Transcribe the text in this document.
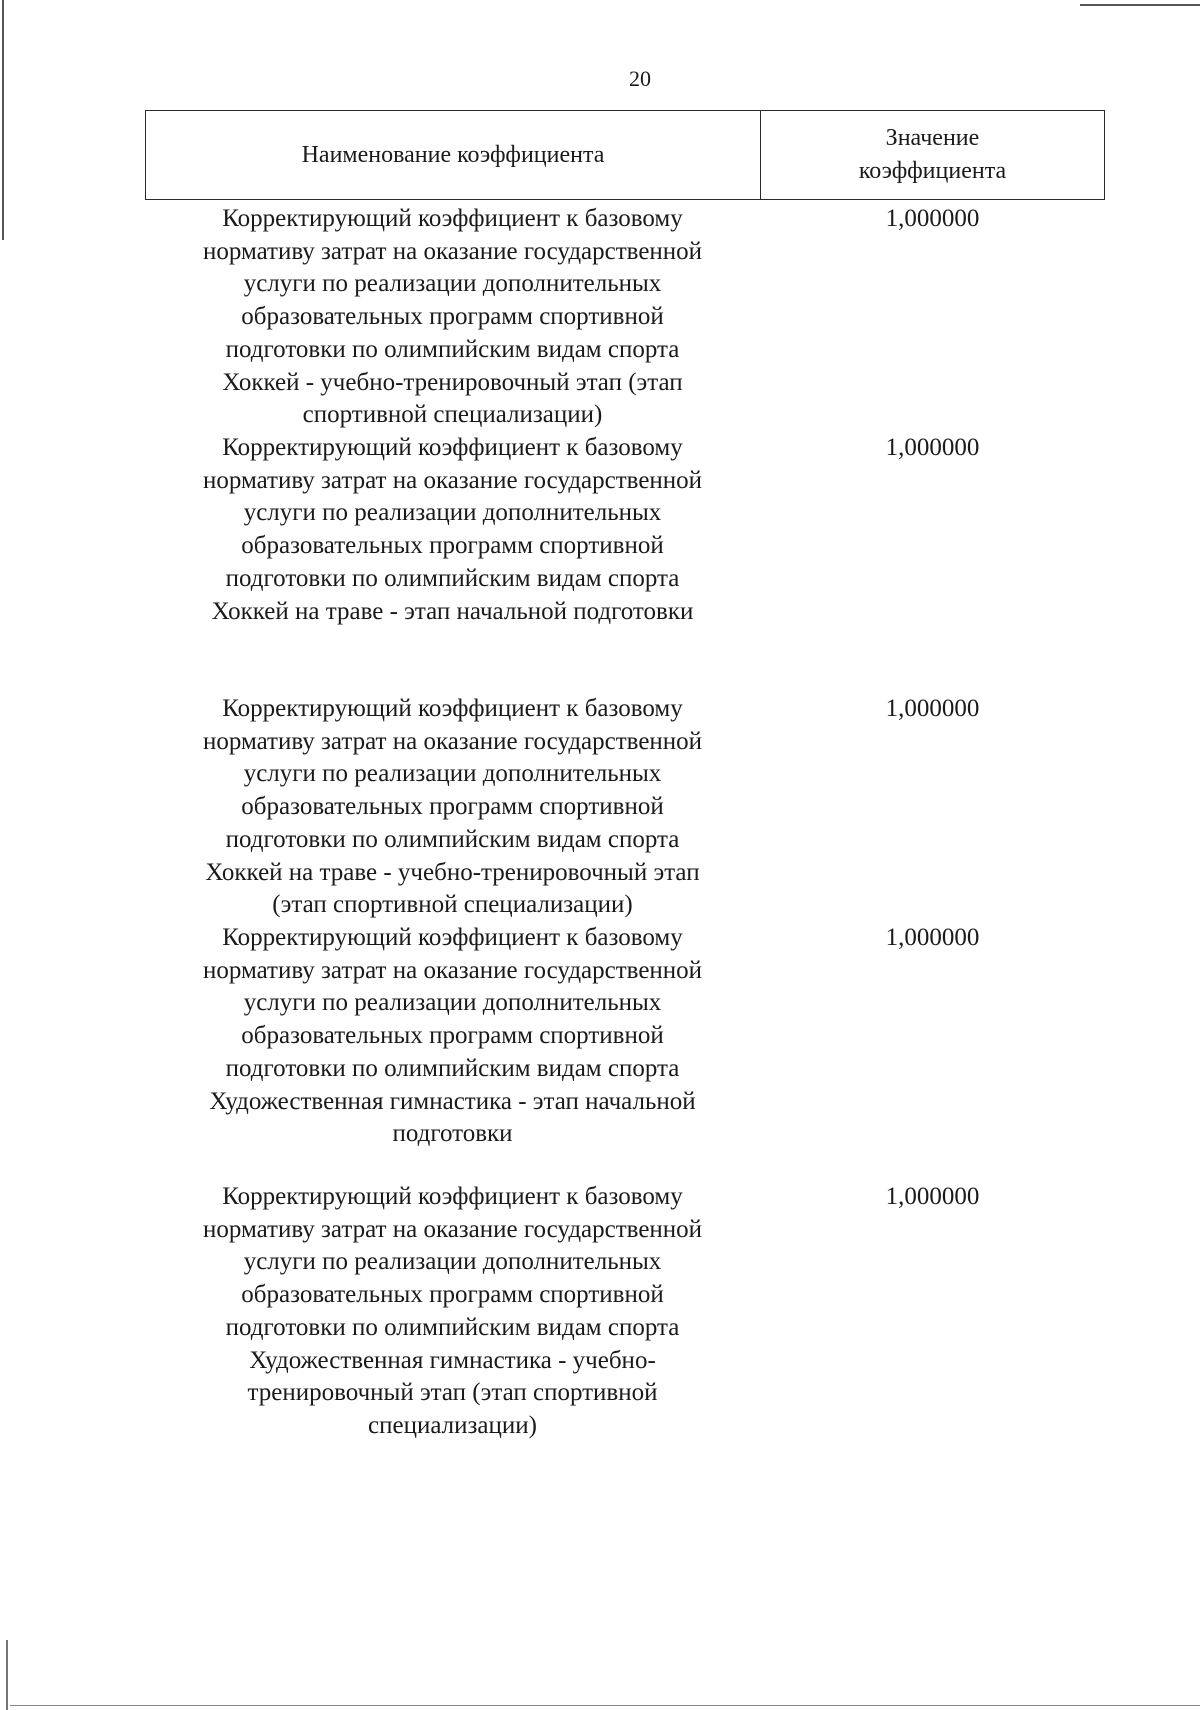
20
Наименование коэффициента
Значение
коэффициента
Корректирующий коэффициент к базовому
нормативу затрат на оказание государственной
услуги по реализации дополнительных
образовательных программ спортивной
подготовки по олимпийским видам спорта
Хоккей - учебно-тренировочный этап (этап
спортивной специализации)
1,000000
Корректирующий коэффициент к базовому
нормативу затрат на оказание государственной
услуги по реализации дополнительных
образовательных программ спортивной
подготовки по олимпийским видам спорта
Хоккей на траве - этап начальной подготовки
1,000000
Корректирующий коэффициент к базовому
нормативу затрат на оказание государственной
услуги по реализации дополнительных
образовательных программ спортивной
подготовки по олимпийским видам спорта
Хоккей на траве - учебно-тренировочный этап
(этап спортивной специализации)
1,000000
Корректирующий коэффициент к базовому
нормативу затрат на оказание государственной
услуги по реализации дополнительных
образовательных программ спортивной
подготовки по олимпийским видам спорта
Художественная гимнастика - этап начальной
подготовки
1,000000
Корректирующий коэффициент к базовому
нормативу затрат на оказание государственной
услуги по реализации дополнительных
образовательных программ спортивной
подготовки по олимпийским видам спорта
Художественная гимнастика - учебно-
тренировочный этап (этап спортивной
специализации)
1,000000
